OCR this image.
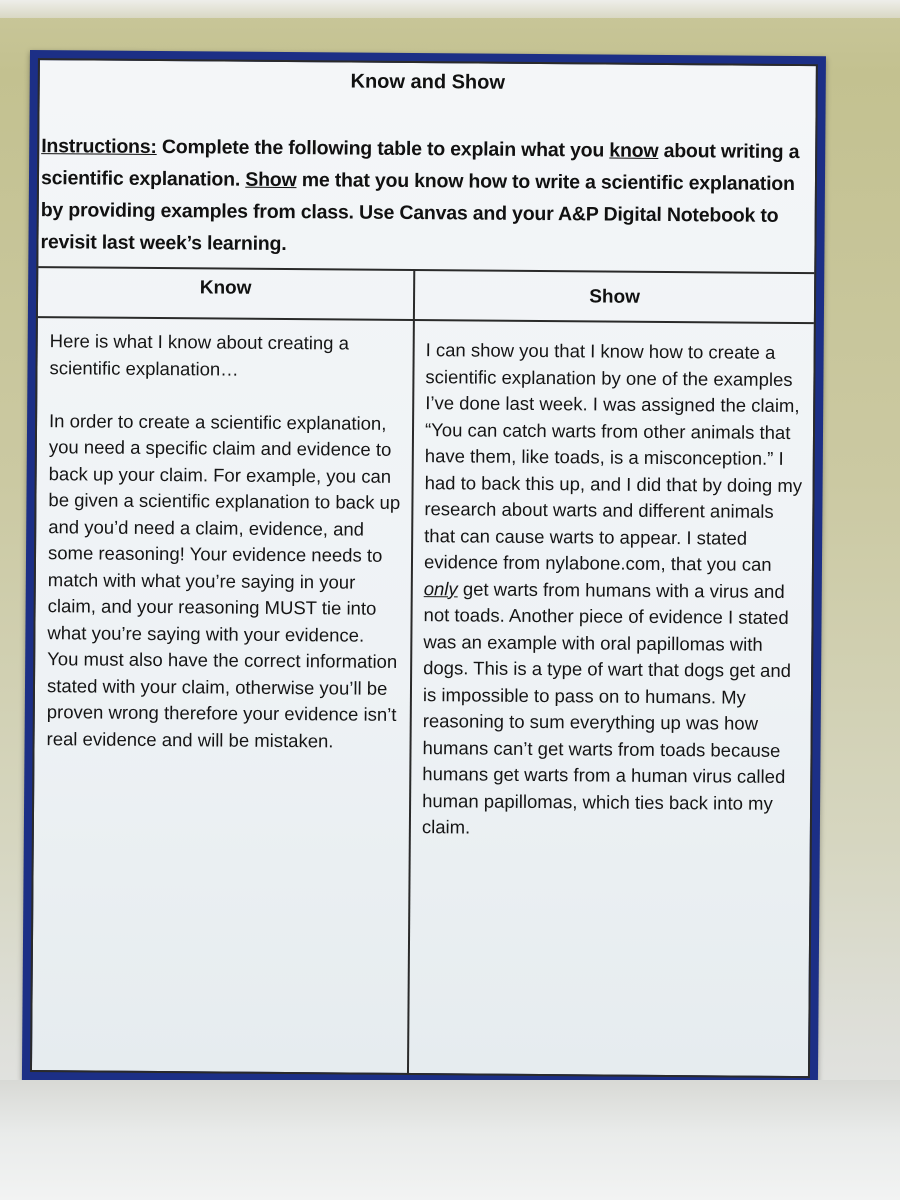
Know and Show
Instructions: Complete the following table to explain what you know about writing a scientific explanation. Show me that you know how to write a scientific explanation by providing examples from class. Use Canvas and your A&P Digital Notebook to revisit last week’s learning.
Know	Show

Here is what I know about creating a scientific explanation…

In order to create a scientific explanation, you need a specific claim and evidence to back up your claim. For example, you can be given a scientific explanation to back up and you’d need a claim, evidence, and some reasoning! Your evidence needs to match with what you’re saying in your claim, and your reasoning MUST tie into what you’re saying with your evidence. You must also have the correct information stated with your claim, otherwise you’ll be proven wrong therefore your evidence isn’t real evidence and will be mistaken.

I can show you that I know how to create a scientific explanation by one of the examples I’ve done last week. I was assigned the claim, “You can catch warts from other animals that have them, like toads, is a misconception.” I had to back this up, and I did that by doing my research about warts and different animals that can cause warts to appear. I stated evidence from nylabone.com, that you can only get warts from humans with a virus and not toads. Another piece of evidence I stated was an example with oral papillomas with dogs. This is a type of wart that dogs get and is impossible to pass on to humans. My reasoning to sum everything up was how humans can’t get warts from toads because humans get warts from a human virus called human papillomas, which ties back into my claim.
